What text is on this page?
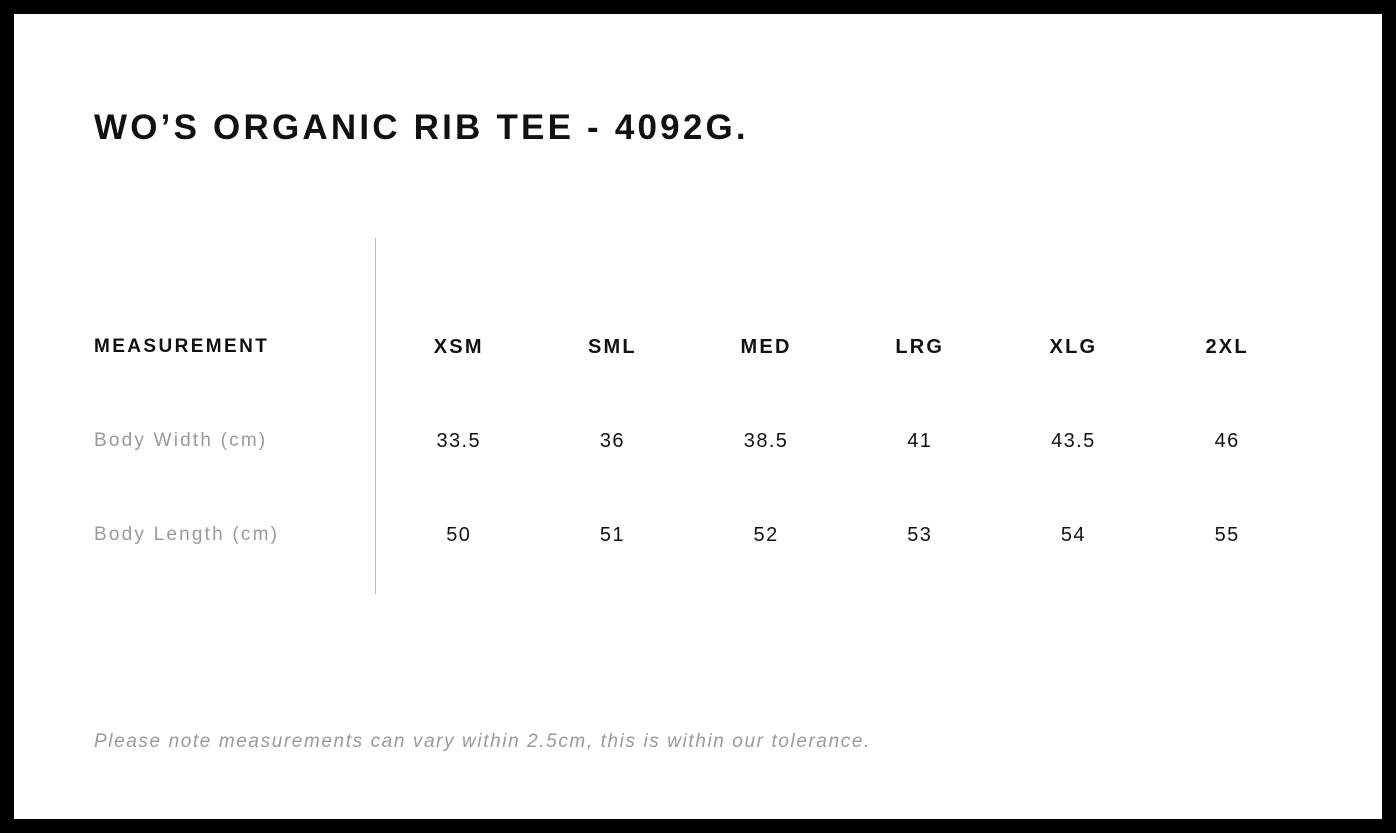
WO’S ORGANIC RIB TEE - 4092G.
MEASUREMENT	XSM	SML	MED	LRG	XLG	2XL
Body Width (cm)	33.5	36	38.5	41	43.5	46
Body Length (cm)	50	51	52	53	54	55
Please note measurements can vary within 2.5cm, this is within our tolerance.
